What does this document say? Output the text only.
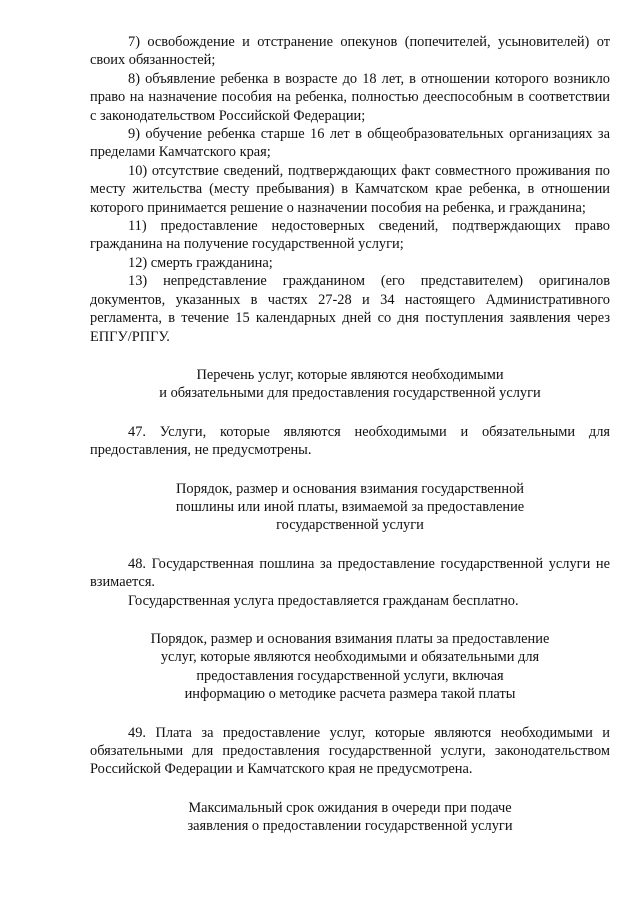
7) освобождение и отстранение опекунов (попечителей, усыновителей) от своих обязанностей;

8) объявление ребенка в возрасте до 18 лет, в отношении которого возникло право на назначение пособия на ребенка, полностью дееспособным в соответствии с законодательством Российской Федерации;

9) обучение ребенка старше 16 лет в общеобразовательных организациях за пределами Камчатского края;

10) отсутствие сведений, подтверждающих факт совместного проживания по месту жительства (месту пребывания) в Камчатском крае ребенка, в отношении которого принимается решение о назначении пособия на ребенка, и гражданина;

11) предоставление недостоверных сведений, подтверждающих право гражданина на получение государственной услуги;

12) смерть гражданина;

13) непредставление гражданином (его представителем) оригиналов документов, указанных в частях 27-28 и 34 настоящего Административного регламента, в течение 15 календарных дней со дня поступления заявления через ЕПГУ/РПГУ.

Перечень услуг, которые являются необходимыми
и обязательными для предоставления государственной услуги

47. Услуги, которые являются необходимыми и обязательными для предоставления, не предусмотрены.

Порядок, размер и основания взимания государственной
пошлины или иной платы, взимаемой за предоставление
государственной услуги

48. Государственная пошлина за предоставление государственной услуги не взимается.

Государственная услуга предоставляется гражданам бесплатно.

Порядок, размер и основания взимания платы за предоставление
услуг, которые являются необходимыми и обязательными для
предоставления государственной услуги, включая
информацию о методике расчета размера такой платы

49. Плата за предоставление услуг, которые являются необходимыми и обязательными для предоставления государственной услуги, законодательством Российской Федерации и Камчатского края не предусмотрена.

Максимальный срок ожидания в очереди при подаче
заявления о предоставлении государственной услуги
